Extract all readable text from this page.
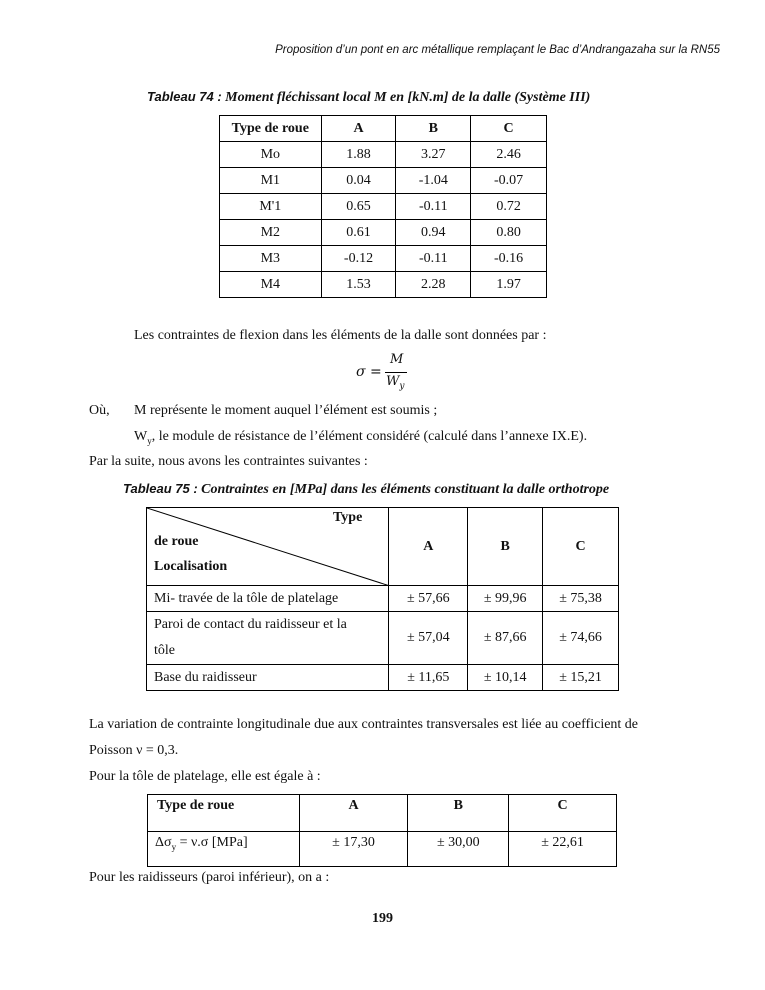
Proposition d’un pont en arc métallique remplaçant le Bac d’Andrangazaha sur la RN55
Tableau 74 : Moment fléchissant local M en [kN.m] de la dalle (Système III)
Type de roue	A	B	C
Mo	1.88	3.27	2.46
M1	0.04	-1.04	-0.07
M'1	0.65	-0.11	0.72
M2	0.61	0.94	0.80
M3	-0.12	-0.11	-0.16
M4	1.53	2.28	1.97
Les contraintes de flexion dans les éléments de la dalle sont données par :
σ =
M
$W_y$
Où, M représente le moment auquel l’élément est soumis ;
$W_y$, le module de résistance de l’élément considéré (calculé dans l’annexe IX.E).
Par la suite, nous avons les contraintes suivantes :
Tableau 75 : Contraintes en [MPa] dans les éléments constituant la dalle orthotrope
Type
de roue
Localisation	A	B	C
Mi- travée de la tôle de platelage	± 57,66	± 99,96	± 75,38
Paroi de contact du raidisseur et la tôle	± 57,04	± 87,66	± 74,66
Base du raidisseur	± 11,65	± 10,14	± 15,21
La variation de contrainte longitudinale due aux contraintes transversales est liée au coefficient de
Poisson ν = 0,3.
Pour la tôle de platelage, elle est égale à :
Type de roue	A	B	C
$\Delta\sigma_y = \nu.\sigma$ [MPa]	± 17,30	± 30,00	± 22,61
Pour les raidisseurs (paroi inférieur), on a :
199
